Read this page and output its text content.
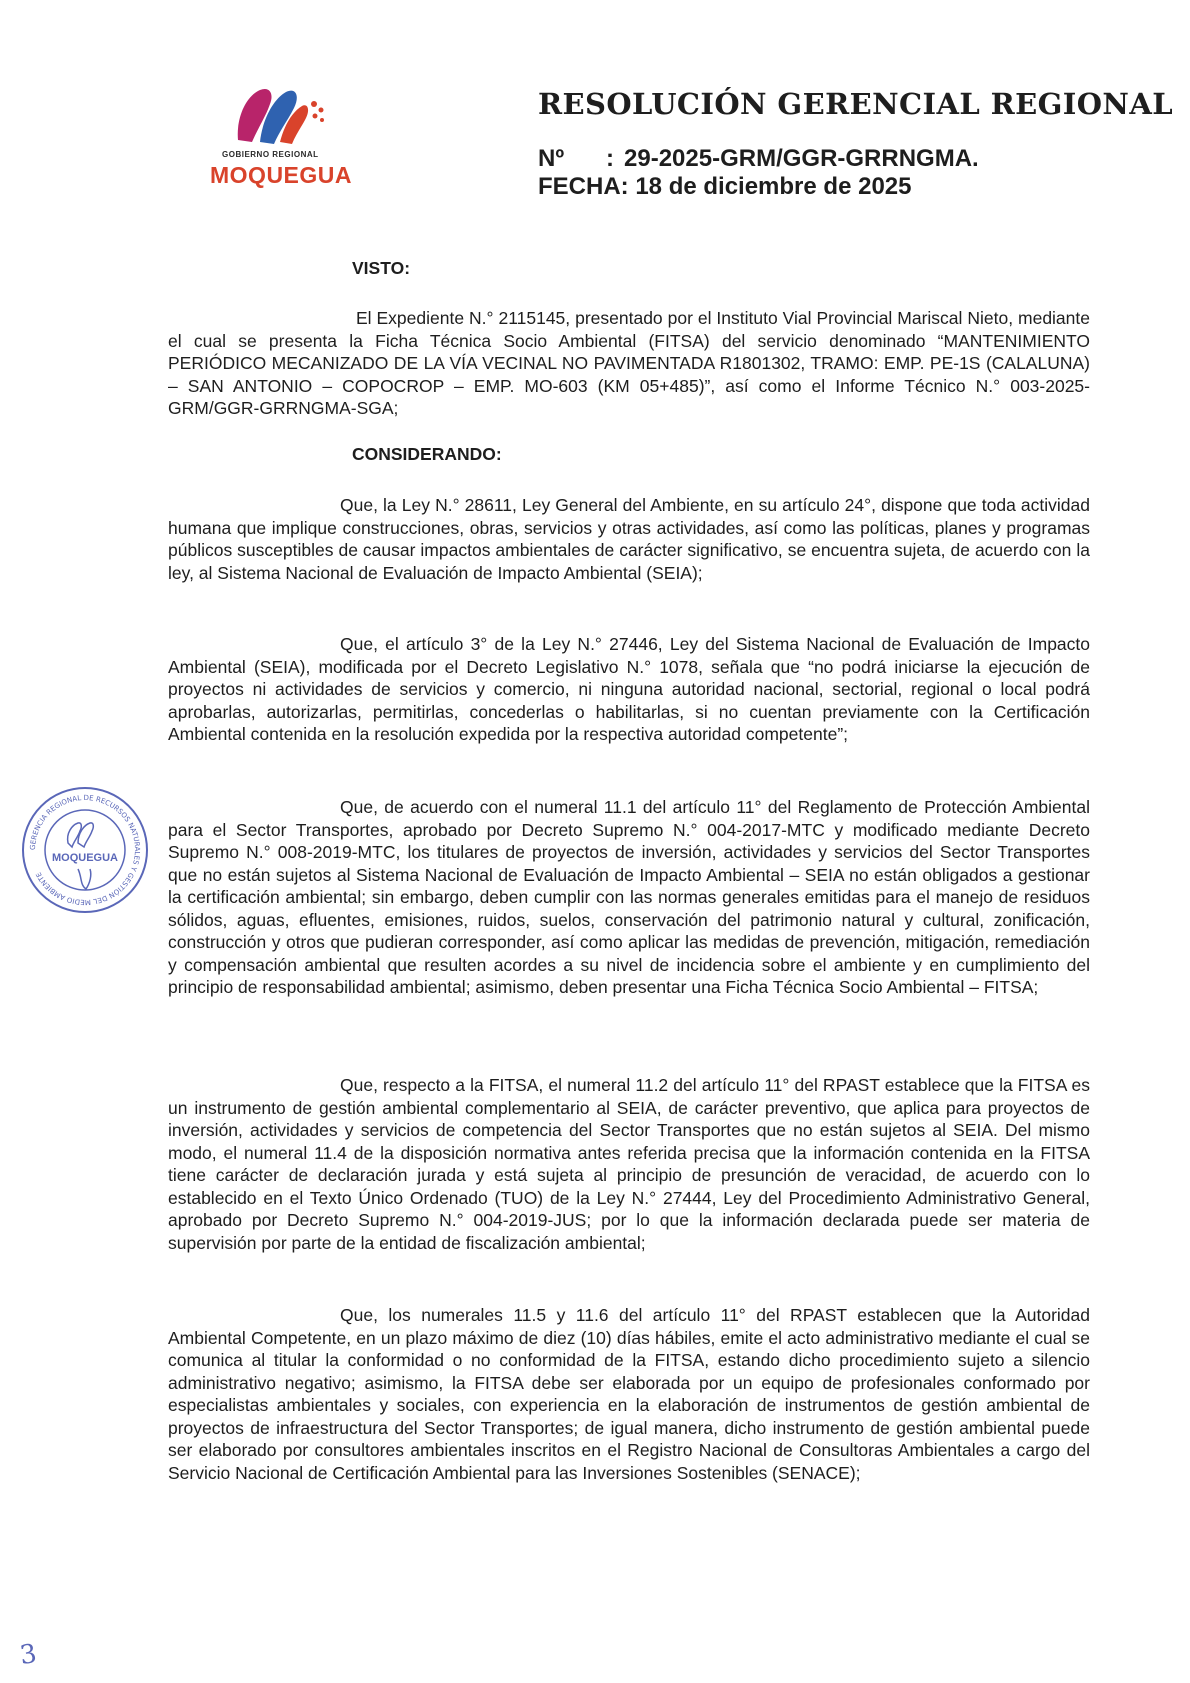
GOBIERNO REGIONAL
MOQUEGUA
RESOLUCIÓN GERENCIAL REGIONAL
Nº : 29-2025-GRM/GGR-GRRNGMA.
FECHA: 18 de diciembre de 2025
VISTO:
El Expediente N.° 2115145, presentado por el Instituto Vial Provincial Mariscal Nieto, mediante el cual se presenta la Ficha Técnica Socio Ambiental (FITSA) del servicio denominado “MANTENIMIENTO PERIÓDICO MECANIZADO DE LA VÍA VECINAL NO PAVIMENTADA R1801302, TRAMO: EMP. PE-1S (CALALUNA) – SAN ANTONIO – COPOCROP – EMP. MO-603 (KM 05+485)”, así como el Informe Técnico N.° 003-2025-GRM/GGR-GRRNGMA-SGA;
CONSIDERANDO:
Que, la Ley N.° 28611, Ley General del Ambiente, en su artículo 24°, dispone que toda actividad humana que implique construcciones, obras, servicios y otras actividades, así como las políticas, planes y programas públicos susceptibles de causar impactos ambientales de carácter significativo, se encuentra sujeta, de acuerdo con la ley, al Sistema Nacional de Evaluación de Impacto Ambiental (SEIA);
Que, el artículo 3° de la Ley N.° 27446, Ley del Sistema Nacional de Evaluación de Impacto Ambiental (SEIA), modificada por el Decreto Legislativo N.° 1078, señala que “no podrá iniciarse la ejecución de proyectos ni actividades de servicios y comercio, ni ninguna autoridad nacional, sectorial, regional o local podrá aprobarlas, autorizarlas, permitirlas, concederlas o habilitarlas, si no cuentan previamente con la Certificación Ambiental contenida en la resolución expedida por la respectiva autoridad competente”;
Que, de acuerdo con el numeral 11.1 del artículo 11° del Reglamento de Protección Ambiental para el Sector Transportes, aprobado por Decreto Supremo N.° 004-2017-MTC y modificado mediante Decreto Supremo N.° 008-2019-MTC, los titulares de proyectos de inversión, actividades y servicios del Sector Transportes que no están sujetos al Sistema Nacional de Evaluación de Impacto Ambiental – SEIA no están obligados a gestionar la certificación ambiental; sin embargo, deben cumplir con las normas generales emitidas para el manejo de residuos sólidos, aguas, efluentes, emisiones, ruidos, suelos, conservación del patrimonio natural y cultural, zonificación, construcción y otros que pudieran corresponder, así como aplicar las medidas de prevención, mitigación, remediación y compensación ambiental que resulten acordes a su nivel de incidencia sobre el ambiente y en cumplimiento del principio de responsabilidad ambiental; asimismo, deben presentar una Ficha Técnica Socio Ambiental – FITSA;
Que, respecto a la FITSA, el numeral 11.2 del artículo 11° del RPAST establece que la FITSA es un instrumento de gestión ambiental complementario al SEIA, de carácter preventivo, que aplica para proyectos de inversión, actividades y servicios de competencia del Sector Transportes que no están sujetos al SEIA. Del mismo modo, el numeral 11.4 de la disposición normativa antes referida precisa que la información contenida en la FITSA tiene carácter de declaración jurada y está sujeta al principio de presunción de veracidad, de acuerdo con lo establecido en el Texto Único Ordenado (TUO) de la Ley N.° 27444, Ley del Procedimiento Administrativo General, aprobado por Decreto Supremo N.° 004-2019-JUS; por lo que la información declarada puede ser materia de supervisión por parte de la entidad de fiscalización ambiental;
Que, los numerales 11.5 y 11.6 del artículo 11° del RPAST establecen que la Autoridad Ambiental Competente, en un plazo máximo de diez (10) días hábiles, emite el acto administrativo mediante el cual se comunica al titular la conformidad o no conformidad de la FITSA, estando dicho procedimiento sujeto a silencio administrativo negativo; asimismo, la FITSA debe ser elaborada por un equipo de profesionales conformado por especialistas ambientales y sociales, con experiencia en la elaboración de instrumentos de gestión ambiental de proyectos de infraestructura del Sector Transportes; de igual manera, dicho instrumento de gestión ambiental puede ser elaborado por consultores ambientales inscritos en el Registro Nacional de Consultoras Ambientales a cargo del Servicio Nacional de Certificación Ambiental para las Inversiones Sostenibles (SENACE);
GERENCIA REGIONAL DE RECURSOS NATURALES Y GESTIÓN DEL MEDIO AMBIENTE
MOQUEGUA
3
